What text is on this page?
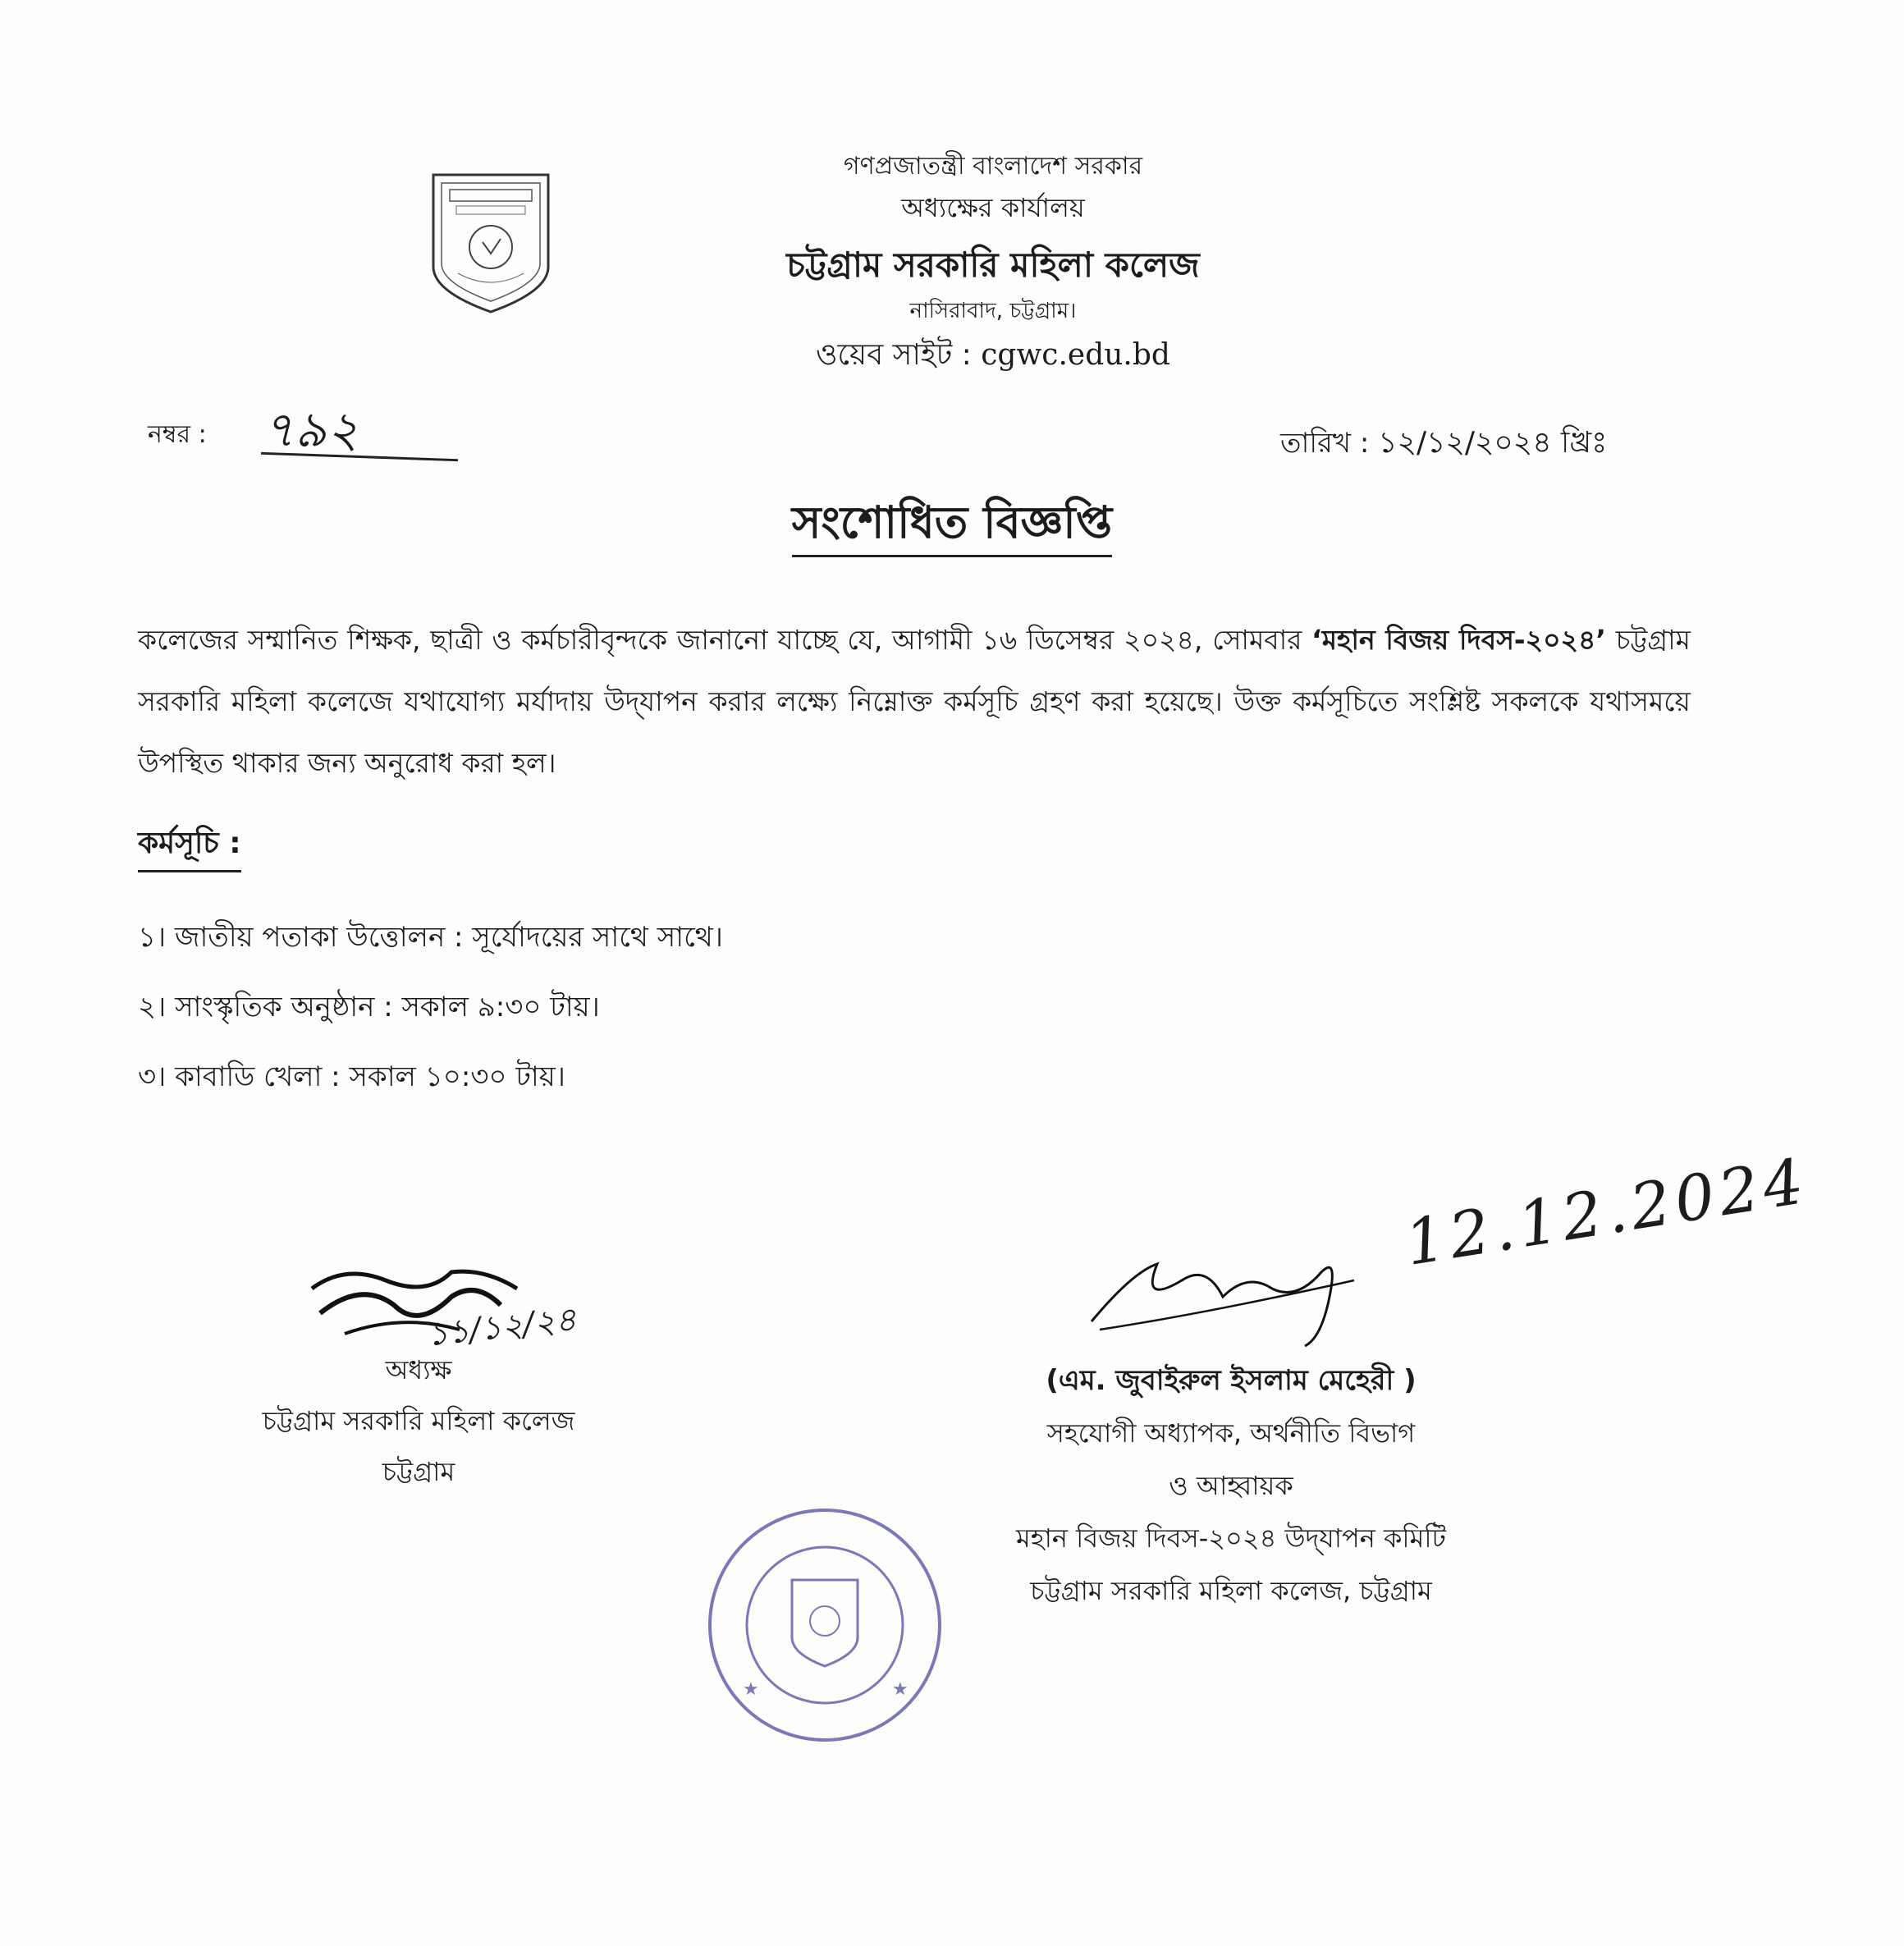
গণপ্রজাতন্ত্রী বাংলাদেশ সরকার
অধ্যক্ষের কার্যালয়
চট্টগ্রাম সরকারি মহিলা কলেজ
নাসিরাবাদ, চট্টগ্রাম।
ওয়েব সাইট : cgwc.edu.bd
নম্বর : ৭৯২	তারিখ : ১২/১২/২০২৪ খ্রিঃ
সংশোধিত বিজ্ঞপ্তি
কলেজের সম্মানিত শিক্ষক, ছাত্রী ও কর্মচারীবৃন্দকে জানানো যাচ্ছে যে, আগামী ১৬ ডিসেম্বর ২০২৪, সোমবার ‘মহান বিজয় দিবস-২০২৪’ চট্টগ্রাম সরকারি মহিলা কলেজে যথাযোগ্য মর্যাদায় উদ্‌যাপন করার লক্ষ্যে নিম্নোক্ত কর্মসূচি গ্রহণ করা হয়েছে। উক্ত কর্মসূচিতে সংশ্লিষ্ট সকলকে যথাসময়ে উপস্থিত থাকার জন্য অনুরোধ করা হল।
কর্মসূচি :
১। জাতীয় পতাকা উত্তোলন : সূর্যোদয়ের সাথে সাথে।
২। সাংস্কৃতিক অনুষ্ঠান : সকাল ৯:৩০ টায়।
৩। কাবাডি খেলা : সকাল ১০:৩০ টায়।
১১/১২/২৪
অধ্যক্ষ
চট্টগ্রাম সরকারি মহিলা কলেজ
চট্টগ্রাম
12.12.2024
(এম. জুবাইরুল ইসলাম মেহেরী )
সহযোগী অধ্যাপক, অর্থনীতি বিভাগ
ও আহ্বায়ক
মহান বিজয় দিবস-২০২৪ উদ্‌যাপন কমিটি
চট্টগ্রাম সরকারি মহিলা কলেজ, চট্টগ্রাম
★	★
